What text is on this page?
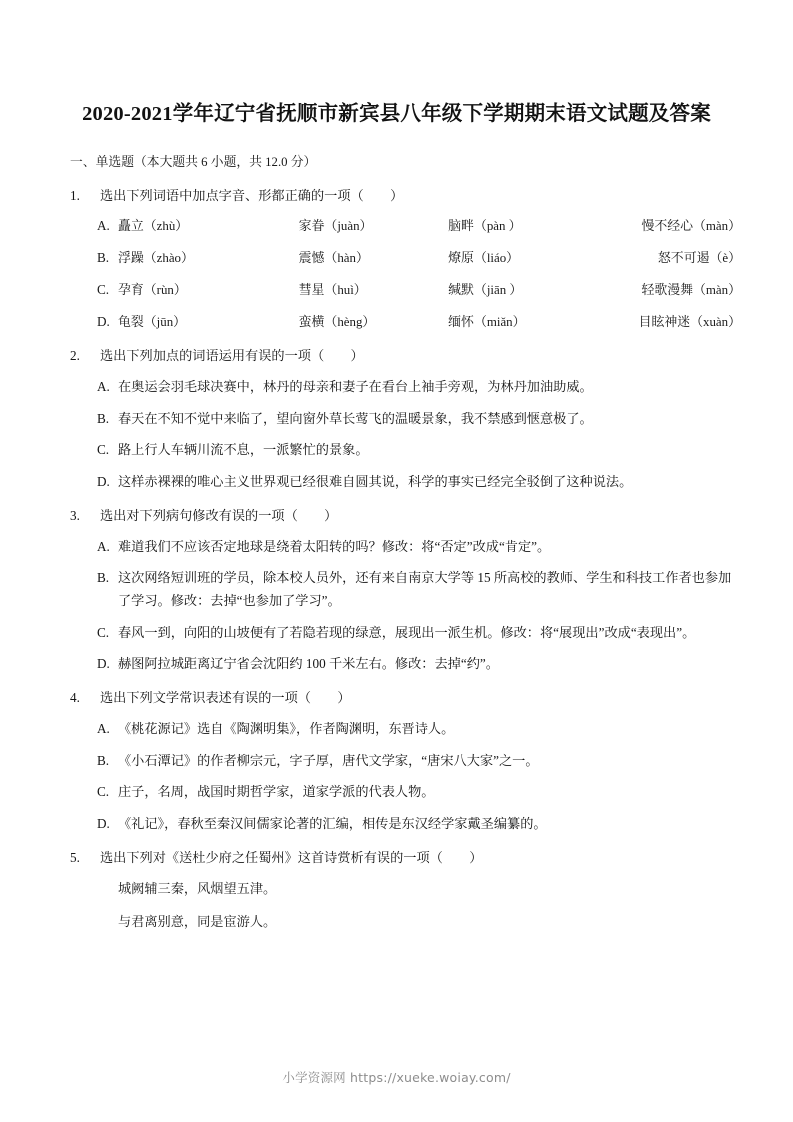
2020-2021学年辽宁省抚顺市新宾县八年级下学期期末语文试题及答案
一、单选题（本大题共 6 小题，共 12.0 分）
1.	选出下列词语中加点字音、形都正确的一项（　　）
A. 矗立（zhù）	家眷（juàn）	脑畔（pàn ）	慢不经心（màn）
B. 浮躁（zhào）	震憾（hàn）	燎原（liáo）	怒不可遏（è）
C. 孕育（rùn）	彗星（huì）	缄默（jiān ）	轻歌漫舞（màn）
D. 龟裂（jūn）	蛮横（hèng）	缅怀（miǎn）	目眩神迷（xuàn）
2.	选出下列加点的词语运用有误的一项（　　）
A. 在奥运会羽毛球决赛中，林丹的母亲和妻子在看台上袖手旁观，为林丹加油助威。
B. 春天在不知不觉中来临了，望向窗外草长莺飞的温暖景象，我不禁感到惬意极了。
C. 路上行人车辆川流不息，一派繁忙的景象。
D. 这样赤裸裸的唯心主义世界观已经很难自圆其说，科学的事实已经完全驳倒了这种说法。
3.	选出对下列病句修改有误的一项（　　）
A. 难道我们不应该否定地球是绕着太阳转的吗？修改：将“否定”改成“肯定”。
B. 这次网络短训班的学员，除本校人员外，还有来自南京大学等 15 所高校的教师、学生和科技工作者也参加了学习。修改：去掉“也参加了学习”。
C. 春风一到，向阳的山坡便有了若隐若现的绿意，展现出一派生机。修改：将“展现出”改成“表现出”。
D. 赫图阿拉城距离辽宁省会沈阳约 100 千米左右。修改：去掉“约”。
4.	选出下列文学常识表述有误的一项（　　）
A. 《桃花源记》选自《陶渊明集》，作者陶渊明，东晋诗人。
B. 《小石潭记》的作者柳宗元，字子厚，唐代文学家，“唐宋八大家”之一。
C. 庄子，名周，战国时期哲学家，道家学派的代表人物。
D. 《礼记》，春秋至秦汉间儒家论著的汇编，相传是东汉经学家戴圣编纂的。
5.	选出下列对《送杜少府之任蜀州》这首诗赏析有误的一项（　　）
城阙辅三秦，风烟望五津。
与君离别意，同是宦游人。
小学资源网 https://xueke.woiay.com/
